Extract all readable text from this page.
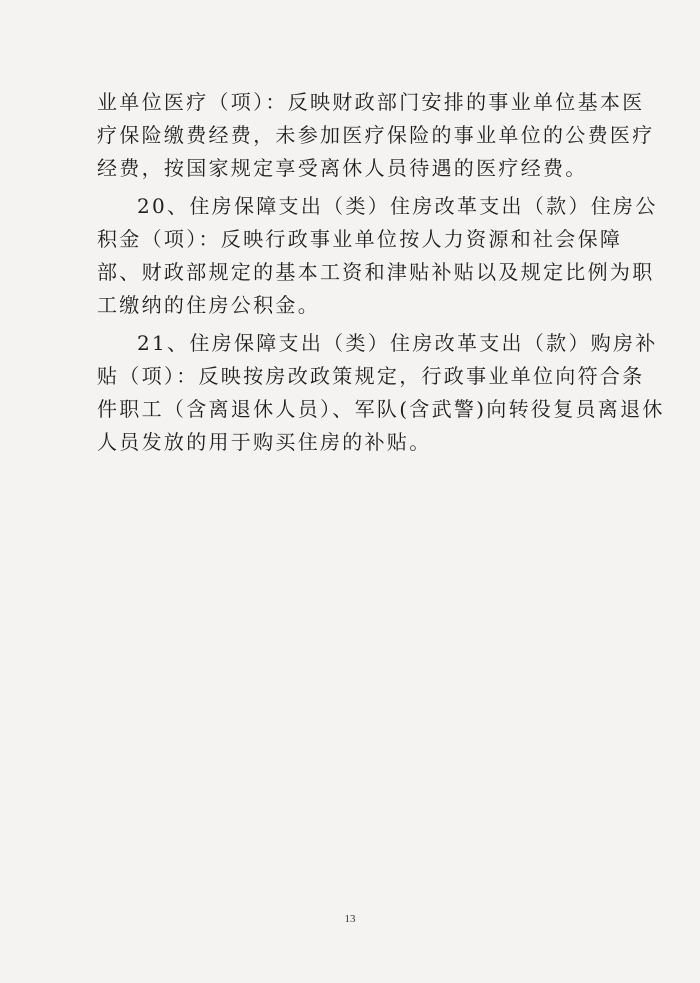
业单位医疗（项）：反映财政部门安排的事业单位基本医
疗保险缴费经费，未参加医疗保险的事业单位的公费医疗
经费，按国家规定享受离休人员待遇的医疗经费。
20、住房保障支出（类）住房改革支出（款）住房公
积金（项）：反映行政事业单位按人力资源和社会保障
部、财政部规定的基本工资和津贴补贴以及规定比例为职
工缴纳的住房公积金。
21、住房保障支出（类）住房改革支出（款）购房补
贴（项）：反映按房改政策规定，行政事业单位向符合条
件职工（含离退休人员）、军队(含武警)向转役复员离退休
人员发放的用于购买住房的补贴。
13
